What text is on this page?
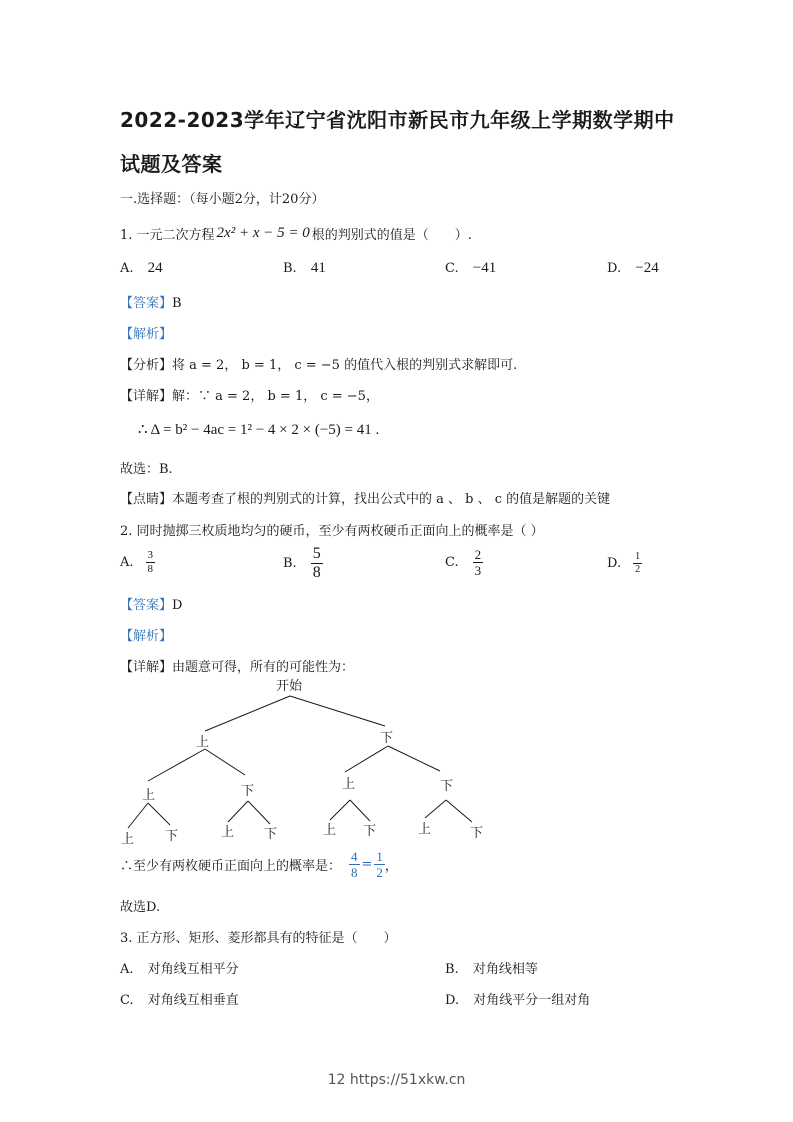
2022-2023学年辽宁省沈阳市新民市九年级上学期数学期中
试题及答案
一.选择题：（每小题2分，计20分）
1. 一元二次方程 2x² + x − 5 = 0 根的判别式的值是（　　）.
A. 24	B. 41	C. −41	D. −24
【答案】B
【解析】
【分析】将 a = 2， b = 1， c = −5 的值代入根的判别式求解即可.
【详解】解：∵ a = 2， b = 1， c = −5，
∴ Δ = b² − 4ac = 1² − 4 × 2 × (−5) = 41 .
故选：B.
【点睛】本题考查了根的判别式的计算，找出公式中的 a 、 b 、 c 的值是解题的关键
2. 同时抛掷三枚质地均匀的硬币，至少有两枚硬币正面向上的概率是（ ）
A. $\frac{3}{8}$	B. $\frac{5}{8}$	C. $\frac{2}{3}$	D. $\frac{1}{2}$
【答案】D
【解析】
【详解】由题意可得，所有的可能性为：
开始
上	下
上	下	上	下
上 下	上 下	上 下	上	下
∴至少有两枚硬币正面向上的概率是： $\frac{4}{8} = \frac{1}{2}$ ，
故选D.
3. 正方形、矩形、菱形都具有的特征是（　　）
A. 对角线互相平分	B. 对角线相等
C. 对角线互相垂直	D. 对角线平分一组对角
12 https://51xkw.cn
